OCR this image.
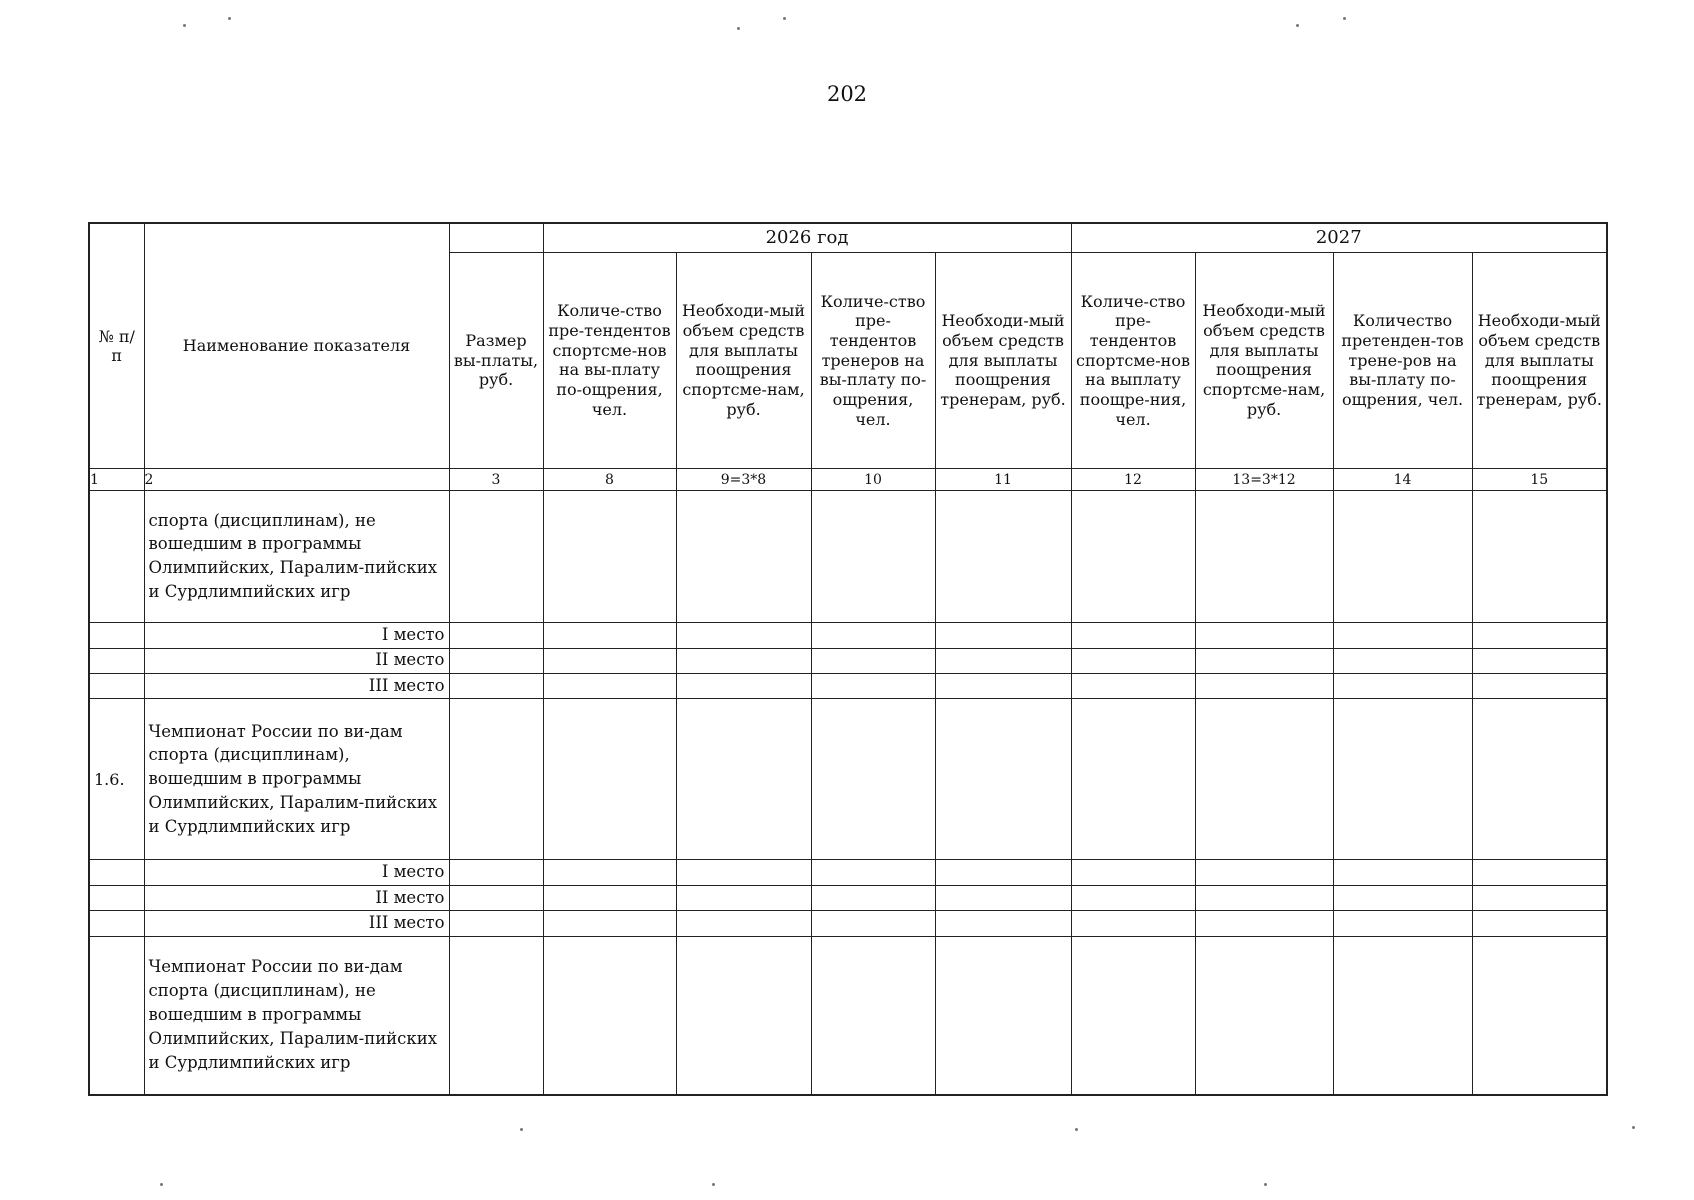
202
№ п/п	Наименование показателя		2026 год				2027			
		Размер вы-платы, руб.	Количе-ство пре-тендентов спортсме-нов на вы-плату по-ощрения, чел.	Необходи-мый объем средств для выплаты поощрения спортсме-нам, руб.	Количе-ство пре-тендентов тренеров на вы-плату по-ощрения, чел.	Необходи-мый объем средств для выплаты поощрения тренерам, руб.	Количе-ство пре-тендентов спортсме-нов на выплату поощре-ния, чел.	Необходи-мый объем средств для выплаты поощрения спортсме-нам, руб.	Количество претенден-тов трене-ров на вы-плату по-ощрения, чел.	Необходи-мый объем средств для выплаты поощрения тренерам, руб.
1	2	3	8	9=3*8	10	11	12	13=3*12	14	15
	спорта (дисциплинам), не вошедшим в программы Олимпийских, Паралим-пийских и Сурдлимпийских игр									
	I место									
	II место									
	III место									
1.6.	Чемпионат России по ви-дам спорта (дисциплинам), вошедшим в программы Олимпийских, Паралим-пийских и Сурдлимпийских игр									
	I место									
	II место									
	III место									
	Чемпионат России по ви-дам спорта (дисциплинам), не вошедшим в программы Олимпийских, Паралим-пийских и Сурдлимпийских игр									
